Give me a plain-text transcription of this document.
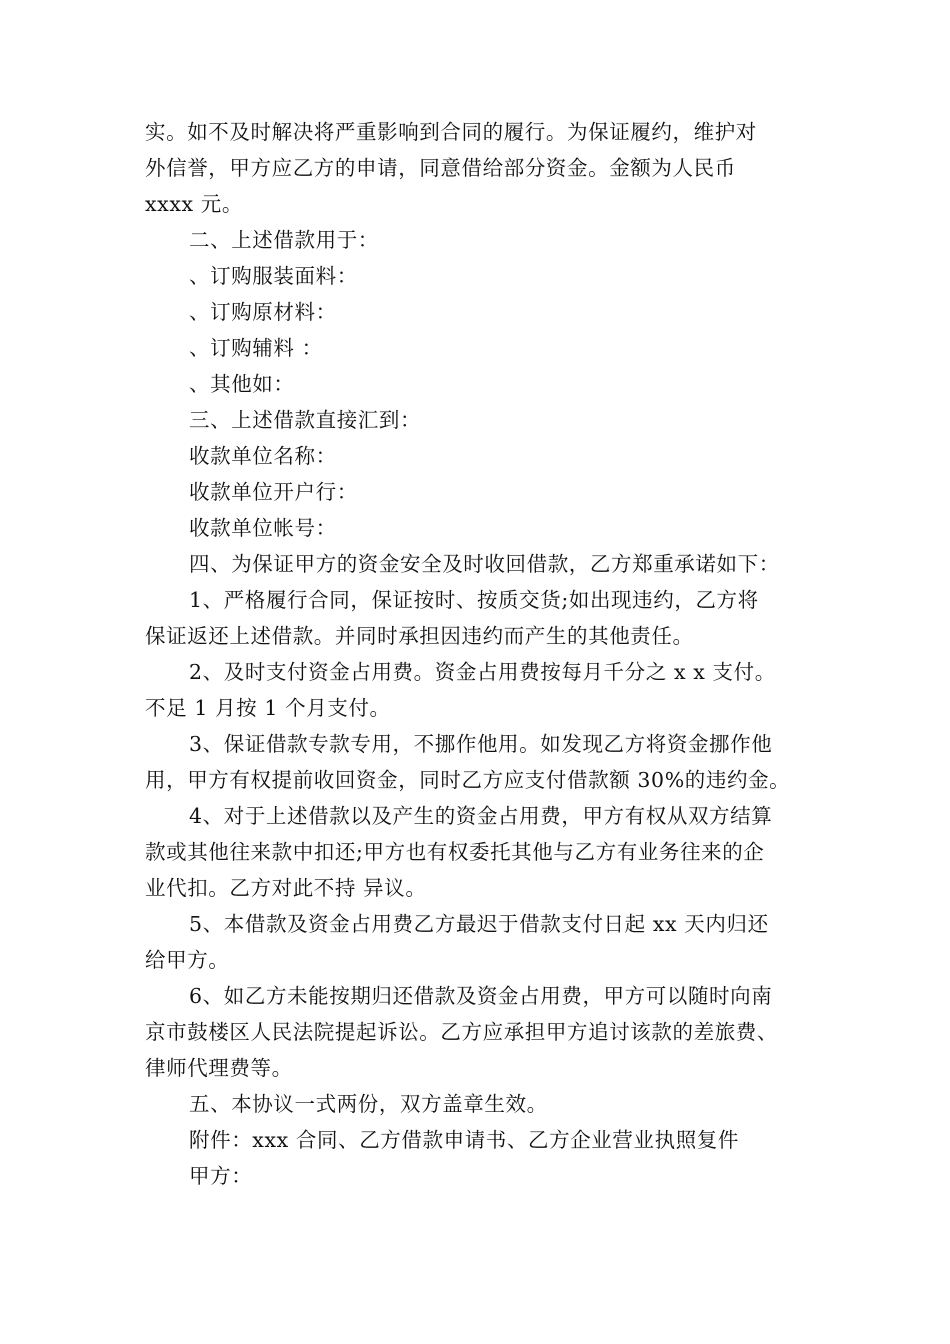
实。如不及时解决将严重影响到合同的履行。为保证履约，维护对
外信誉，甲方应乙方的申请，同意借给部分资金。金额为人民币
xxxx 元。
二、上述借款用于：
、订购服装面料：
、订购原材料：
、订购辅料 ：
、其他如：
三、上述借款直接汇到：
收款单位名称：
收款单位开户行：
收款单位帐号：
四、为保证甲方的资金安全及时收回借款，乙方郑重承诺如下：
1、严格履行合同，保证按时、按质交货;如出现违约，乙方将
保证返还上述借款。并同时承担因违约而产生的其他责任。
2、及时支付资金占用费。资金占用费按每月千分之 x x 支付。
不足 1 月按 1 个月支付。
3、保证借款专款专用，不挪作他用。如发现乙方将资金挪作他
用，甲方有权提前收回资金，同时乙方应支付借款额 30%的违约金。
4、对于上述借款以及产生的资金占用费，甲方有权从双方结算
款或其他往来款中扣还;甲方也有权委托其他与乙方有业务往来的企
业代扣。乙方对此不持 异议。
5、本借款及资金占用费乙方最迟于借款支付日起 xx 天内归还
给甲方。
6、如乙方未能按期归还借款及资金占用费，甲方可以随时向南
京市鼓楼区人民法院提起诉讼。乙方应承担甲方追讨该款的差旅费、
律师代理费等。
五、本协议一式两份，双方盖章生效。
附件：xxx 合同、乙方借款申请书、乙方企业营业执照复件
甲方：
